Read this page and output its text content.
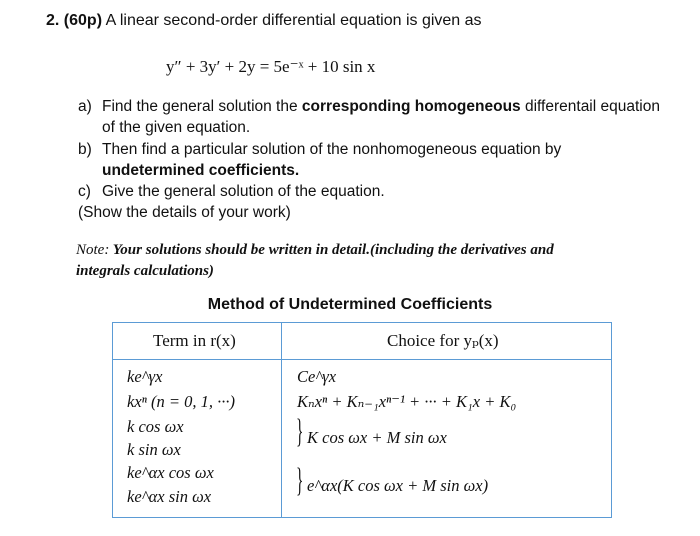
2. (60p) A linear second-order differential equation is given as
y″ + 3y′ + 2y = 5e⁻ˣ + 10 sin x
a) Find the general solution the corresponding homogeneous differentail equation
of the given equation.
b) Then find a particular solution of the nonhomogeneous equation by
undetermined coefficients.
c) Give the general solution of the equation.
(Show the details of your work)
Note: Your solutions should be written in detail.(including the derivatives and
integrals calculations)
Method of Undetermined Coefficients
Term in r(x)	Choice for yₚ(x)
ke^γx
kxⁿ (n = 0, 1, ···)
k cos ωx
k sin ωx
ke^αx cos ωx
ke^αx sin ωx
Ce^γx
Kₙxⁿ + Kₙ₋₁xⁿ⁻¹ + ··· + K₁x + K₀
} K cos ωx + M sin ωx
} e^αx(K cos ωx + M sin ωx)
